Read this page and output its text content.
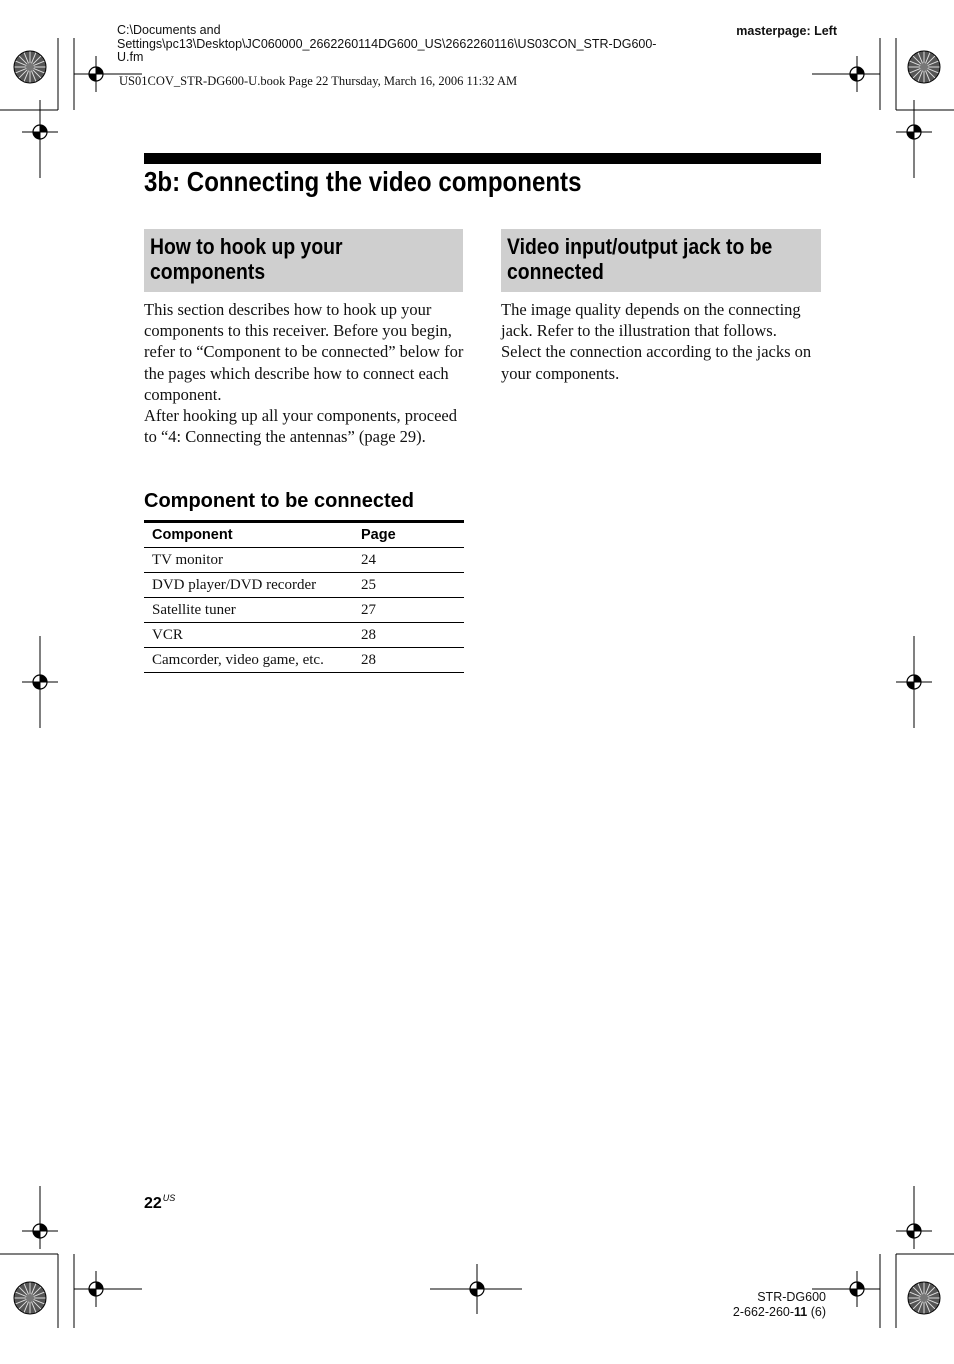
C:\Documents and
Settings\pc13\Desktop\JC060000_2662260114DG600_US\2662260116\US03CON_STR-DG600-
U.fm
masterpage: Left
US01COV_STR-DG600-U.book Page 22 Thursday, March 16, 2006 11:32 AM
3b: Connecting the video components
How to hook up your
components

This section describes how to hook up your components to this receiver. Before you begin, refer to “Component to be connected” below for the pages which describe how to connect each component.

After hooking up all your components, proceed to “4: Connecting the antennas” (page 29).

Component to be connected
Component	Page
TV monitor	24
DVD player/DVD recorder	25
Satellite tuner	27
VCR	28
Camcorder, video game, etc.	28
Video input/output jack to be
connected

The image quality depends on the connecting jack. Refer to the illustration that follows. Select the connection according to the jacks on your components.

$22^{US}$
STR-DG600
2-662-260-11 (6)
